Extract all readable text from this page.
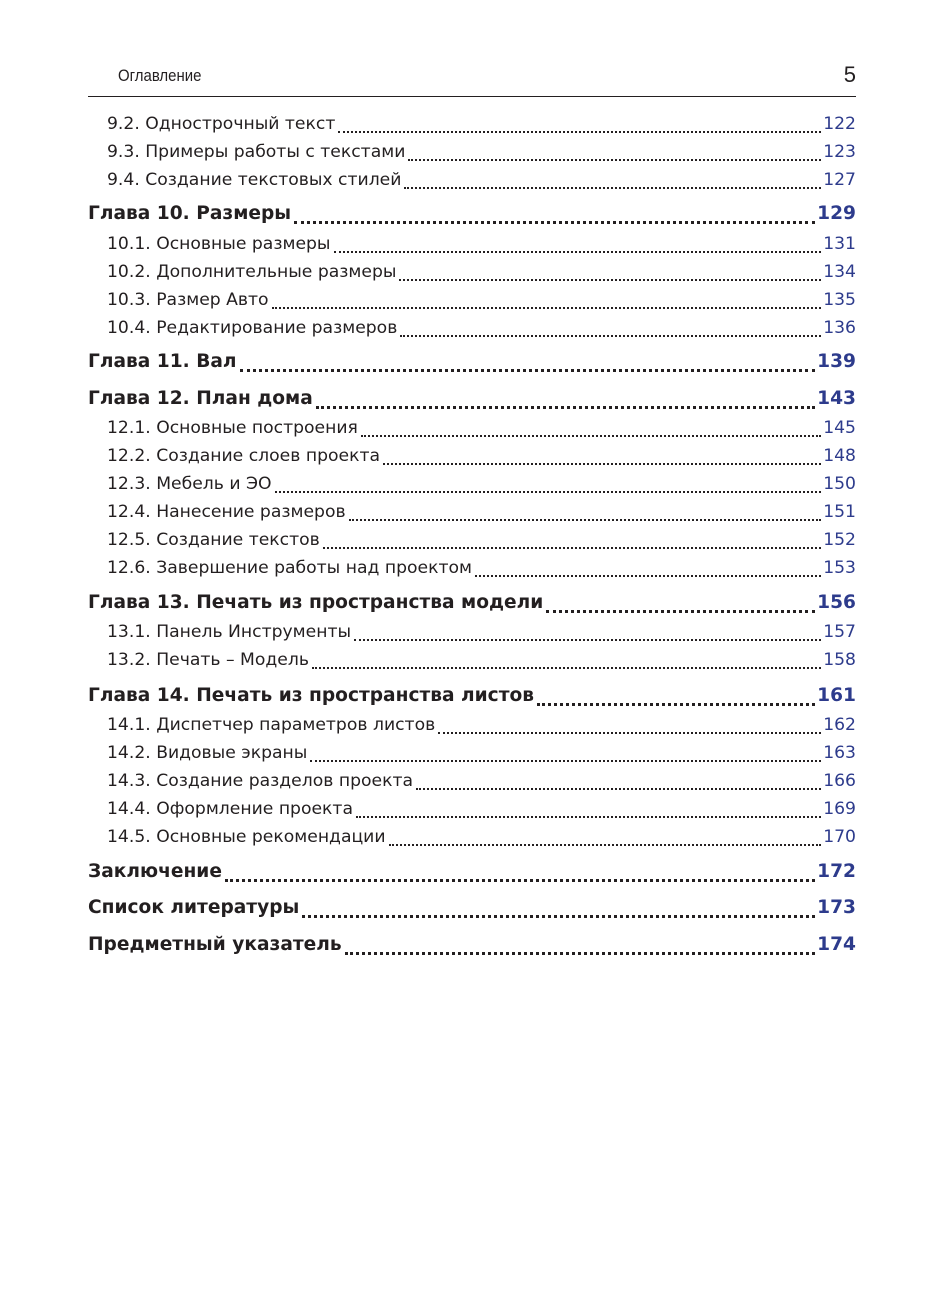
Оглавление	5
9.2. Однострочный текст	122
9.3. Примеры работы с текстами	123
9.4. Создание текстовых стилей	127
Глава 10. Размеры	129
10.1. Основные размеры	131
10.2. Дополнительные размеры	134
10.3. Размер Авто	135
10.4. Редактирование размеров	136
Глава 11. Вал	139
Глава 12. План дома	143
12.1. Основные построения	145
12.2. Создание слоев проекта	148
12.3. Мебель и ЭО	150
12.4. Нанесение размеров	151
12.5. Создание текстов	152
12.6. Завершение работы над проектом	153
Глава 13. Печать из пространства модели	156
13.1. Панель Инструменты	157
13.2. Печать – Модель	158
Глава 14. Печать из пространства листов	161
14.1. Диспетчер параметров листов	162
14.2. Видовые экраны	163
14.3. Создание разделов проекта	166
14.4. Оформление проекта	169
14.5. Основные рекомендации	170
Заключение	172
Список литературы	173
Предметный указатель	174
